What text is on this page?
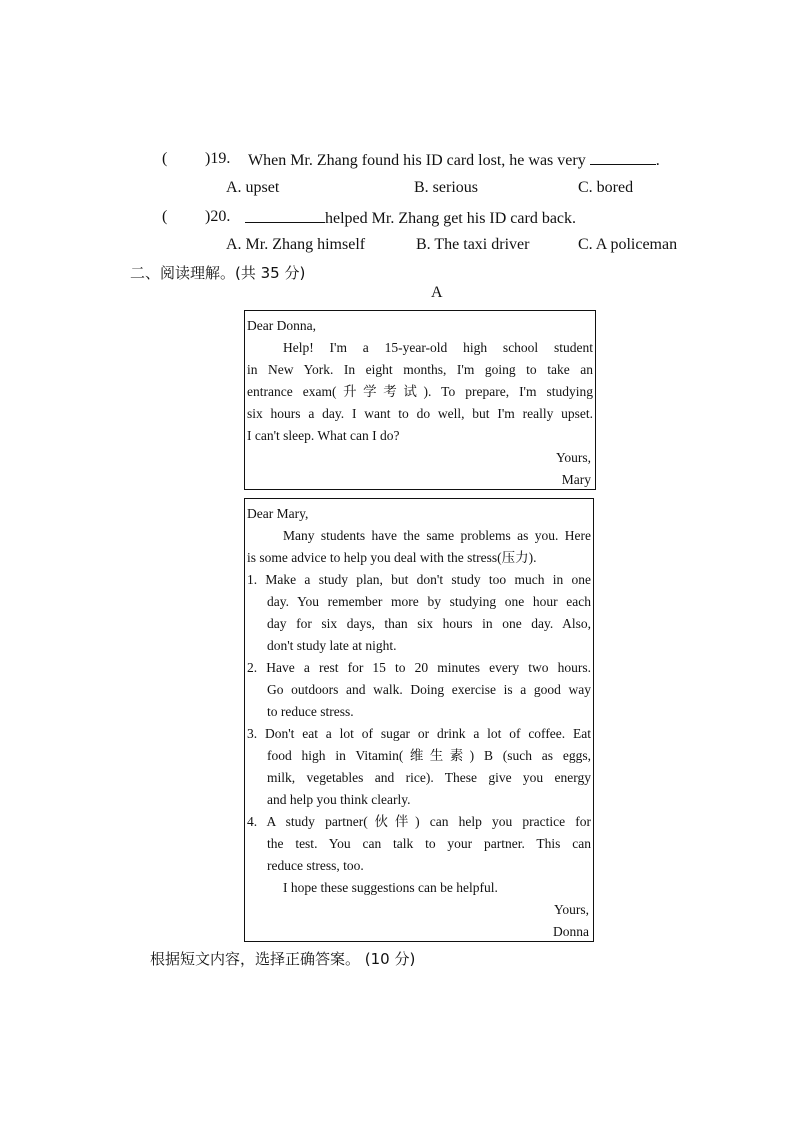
( )19. When Mr. Zhang found his ID card lost, he was very	.
A. upset	B. serious	C. bored
( )20.	helped Mr. Zhang get his ID card back.
A. Mr. Zhang himself	B. The taxi driver	C. A policeman
二、阅读理解。(共 35 分)
A

Dear Donna,

Help! I'm a 15-year-old high school student

in New York. In eight months, I'm going to take an

entrance exam(升学考试). To prepare, I'm studying

six hours a day. I want to do well, but I'm really upset.

I can't sleep. What can I do?

Yours,

Mary

Dear Mary,

Many students have the same problems as you. Here

is some advice to help you deal with the stress(压力).

1. Make a study plan, but don't study too much in one

day. You remember more by studying one hour each

day for six days, than six hours in one day. Also,

don't study late at night.

2. Have a rest for 15 to 20 minutes every two hours.

Go outdoors and walk. Doing exercise is a good way

to reduce stress.

3. Don't eat a lot of sugar or drink a lot of coffee. Eat

food high in Vitamin(维生素) B (such as eggs,

milk, vegetables and rice). These give you energy

and help you think clearly.

4. A study partner(伙伴) can help you practice for

the test. You can talk to your partner. This can

reduce stress, too.

I hope these suggestions can be helpful.

Yours,

Donna

根据短文内容，选择正确答案。 (10 分)
